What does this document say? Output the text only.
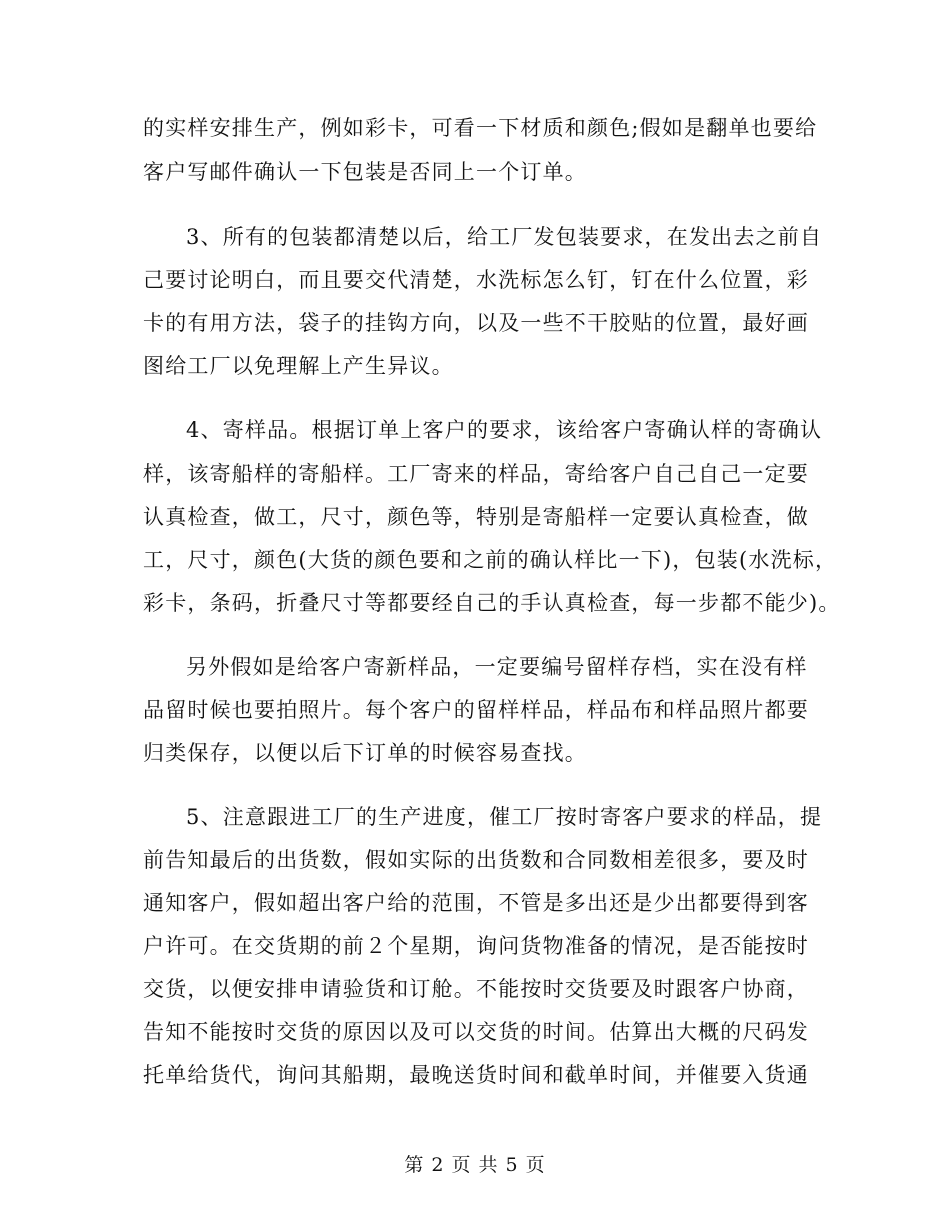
的实样安排生产，例如彩卡，可看一下材质和颜色;假如是翻单也要给
客户写邮件确认一下包装是否同上一个订单。
3、所有的包装都清楚以后，给工厂发包装要求，在发出去之前自
己要讨论明白，而且要交代清楚，水洗标怎么钉，钉在什么位置，彩
卡的有用方法，袋子的挂钩方向，以及一些不干胶贴的位置，最好画
图给工厂以免理解上产生异议。
4、寄样品。根据订单上客户的要求，该给客户寄确认样的寄确认
样，该寄船样的寄船样。工厂寄来的样品，寄给客户自己自己一定要
认真检查，做工，尺寸，颜色等，特别是寄船样一定要认真检查，做
工，尺寸，颜色(大货的颜色要和之前的确认样比一下)，包装(水洗标，
彩卡，条码，折叠尺寸等都要经自己的手认真检查，每一步都不能少)。
另外假如是给客户寄新样品，一定要编号留样存档，实在没有样
品留时候也要拍照片。每个客户的留样样品，样品布和样品照片都要
归类保存，以便以后下订单的时候容易查找。
5、注意跟进工厂的生产进度，催工厂按时寄客户要求的样品，提
前告知最后的出货数，假如实际的出货数和合同数相差很多，要及时
通知客户，假如超出客户给的范围，不管是多出还是少出都要得到客
户许可。在交货期的前２个星期，询问货物准备的情况，是否能按时
交货，以便安排申请验货和订舱。不能按时交货要及时跟客户协商，
告知不能按时交货的原因以及可以交货的时间。估算出大概的尺码发
托单给货代，询问其船期，最晚送货时间和截单时间，并催要入货通
第 2 页 共 5 页
